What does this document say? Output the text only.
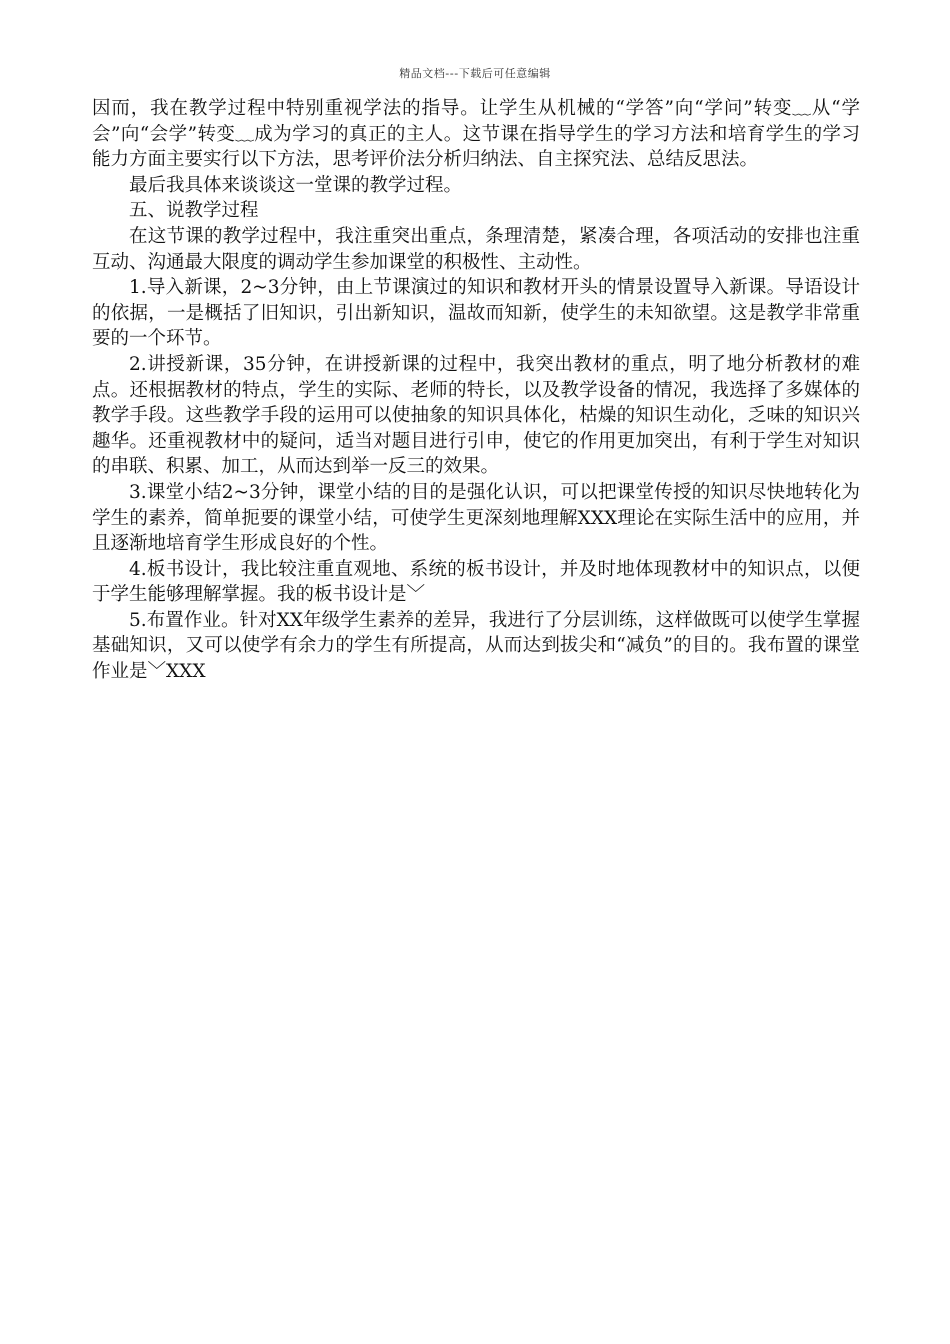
精品文档---下载后可任意编辑

因而，我在教学过程中特别重视学法的指导。让学生从机械的“学答”向“学问”转变﹏从“学会”向“会学”转变﹏成为学习的真正的主人。这节课在指导学生的学习方法和培育学生的学习能力方面主要实行以下方法，思考评价法分析归纳法、自主探究法、总结反思法。

最后我具体来谈谈这一堂课的教学过程。

五、说教学过程

在这节课的教学过程中，我注重突出重点，条理清楚，紧凑合理，各项活动的安排也注重互动、沟通最大限度的调动学生参加课堂的积极性、主动性。

1.导入新课，2~3分钟，由上节课演过的知识和教材开头的情景设置导入新课。导语设计的依据，一是概括了旧知识，引出新知识，温故而知新，使学生的未知欲望。这是教学非常重要的一个环节。

2.讲授新课，35分钟，在讲授新课的过程中，我突出教材的重点，明了地分析教材的难点。还根据教材的特点，学生的实际、老师的特长，以及教学设备的情况，我选择了多媒体的教学手段。这些教学手段的运用可以使抽象的知识具体化，枯燥的知识生动化，乏味的知识兴趣华。还重视教材中的疑问，适当对题目进行引申，使它的作用更加突出，有利于学生对知识的串联、积累、加工，从而达到举一反三的效果。

3.课堂小结2~3分钟，课堂小结的目的是强化认识，可以把课堂传授的知识尽快地转化为学生的素养，简单扼要的课堂小结，可使学生更深刻地理解XXX理论在实际生活中的应用，并且逐渐地培育学生形成良好的个性。

4.板书设计，我比较注重直观地、系统的板书设计，并及时地体现教材中的知识点，以便于学生能够理解掌握。我的板书设计是﹀

5.布置作业。针对XX年级学生素养的差异，我进行了分层训练，这样做既可以使学生掌握基础知识，又可以使学有余力的学生有所提高，从而达到拔尖和“减负”的目的。我布置的课堂作业是﹀XXX
